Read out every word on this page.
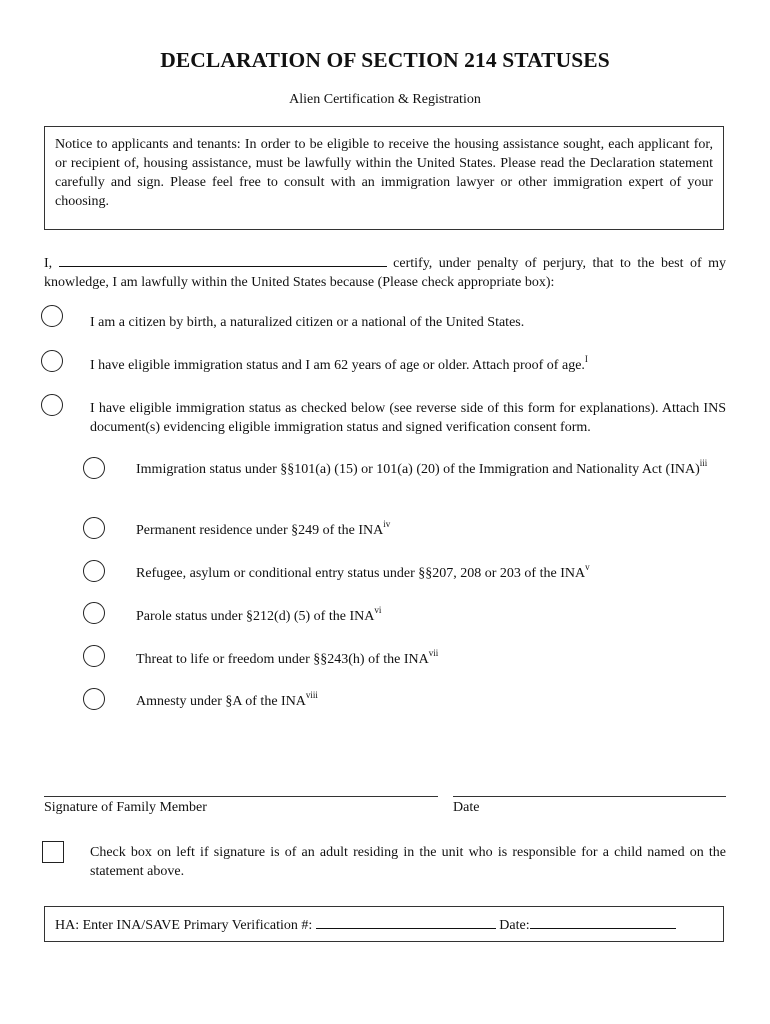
DECLARATION OF SECTION 214 STATUSES
Alien Certification & Registration
Notice to applicants and tenants: In order to be eligible to receive the housing assistance sought, each applicant for, or recipient of, housing assistance, must be lawfully within the United States. Please read the Declaration statement carefully and sign. Please feel free to consult with an immigration lawyer or other immigration expert of your choosing.
I,	certify, under penalty of perjury, that to the best of my knowledge, I am lawfully within the United States because (Please check appropriate box):
I am a citizen by birth, a naturalized citizen or a national of the United States.
I have eligible immigration status and I am 62 years of age or older. Attach proof of age.$^I$
I have eligible immigration status as checked below (see reverse side of this form for explanations). Attach INS document(s) evidencing eligible immigration status and signed verification consent form.
Immigration status under §§101(a) (15) or 101(a) (20) of the Immigration and Nationality Act (INA)$^{iii}$
Permanent residence under §249 of the INA$^{iv}$
Refugee, asylum or conditional entry status under §§207, 208 or 203 of the INA$^v$
Parole status under §212(d) (5) of the INA$^{vi}$
Threat to life or freedom under §§243(h) of the INA$^{vii}$
Amnesty under §A of the INA$^{viii}$
Signature of Family Member	Date
Check box on left if signature is of an adult residing in the unit who is responsible for a child named on the statement above.
HA: Enter INA/SAVE Primary Verification #:	Date:
